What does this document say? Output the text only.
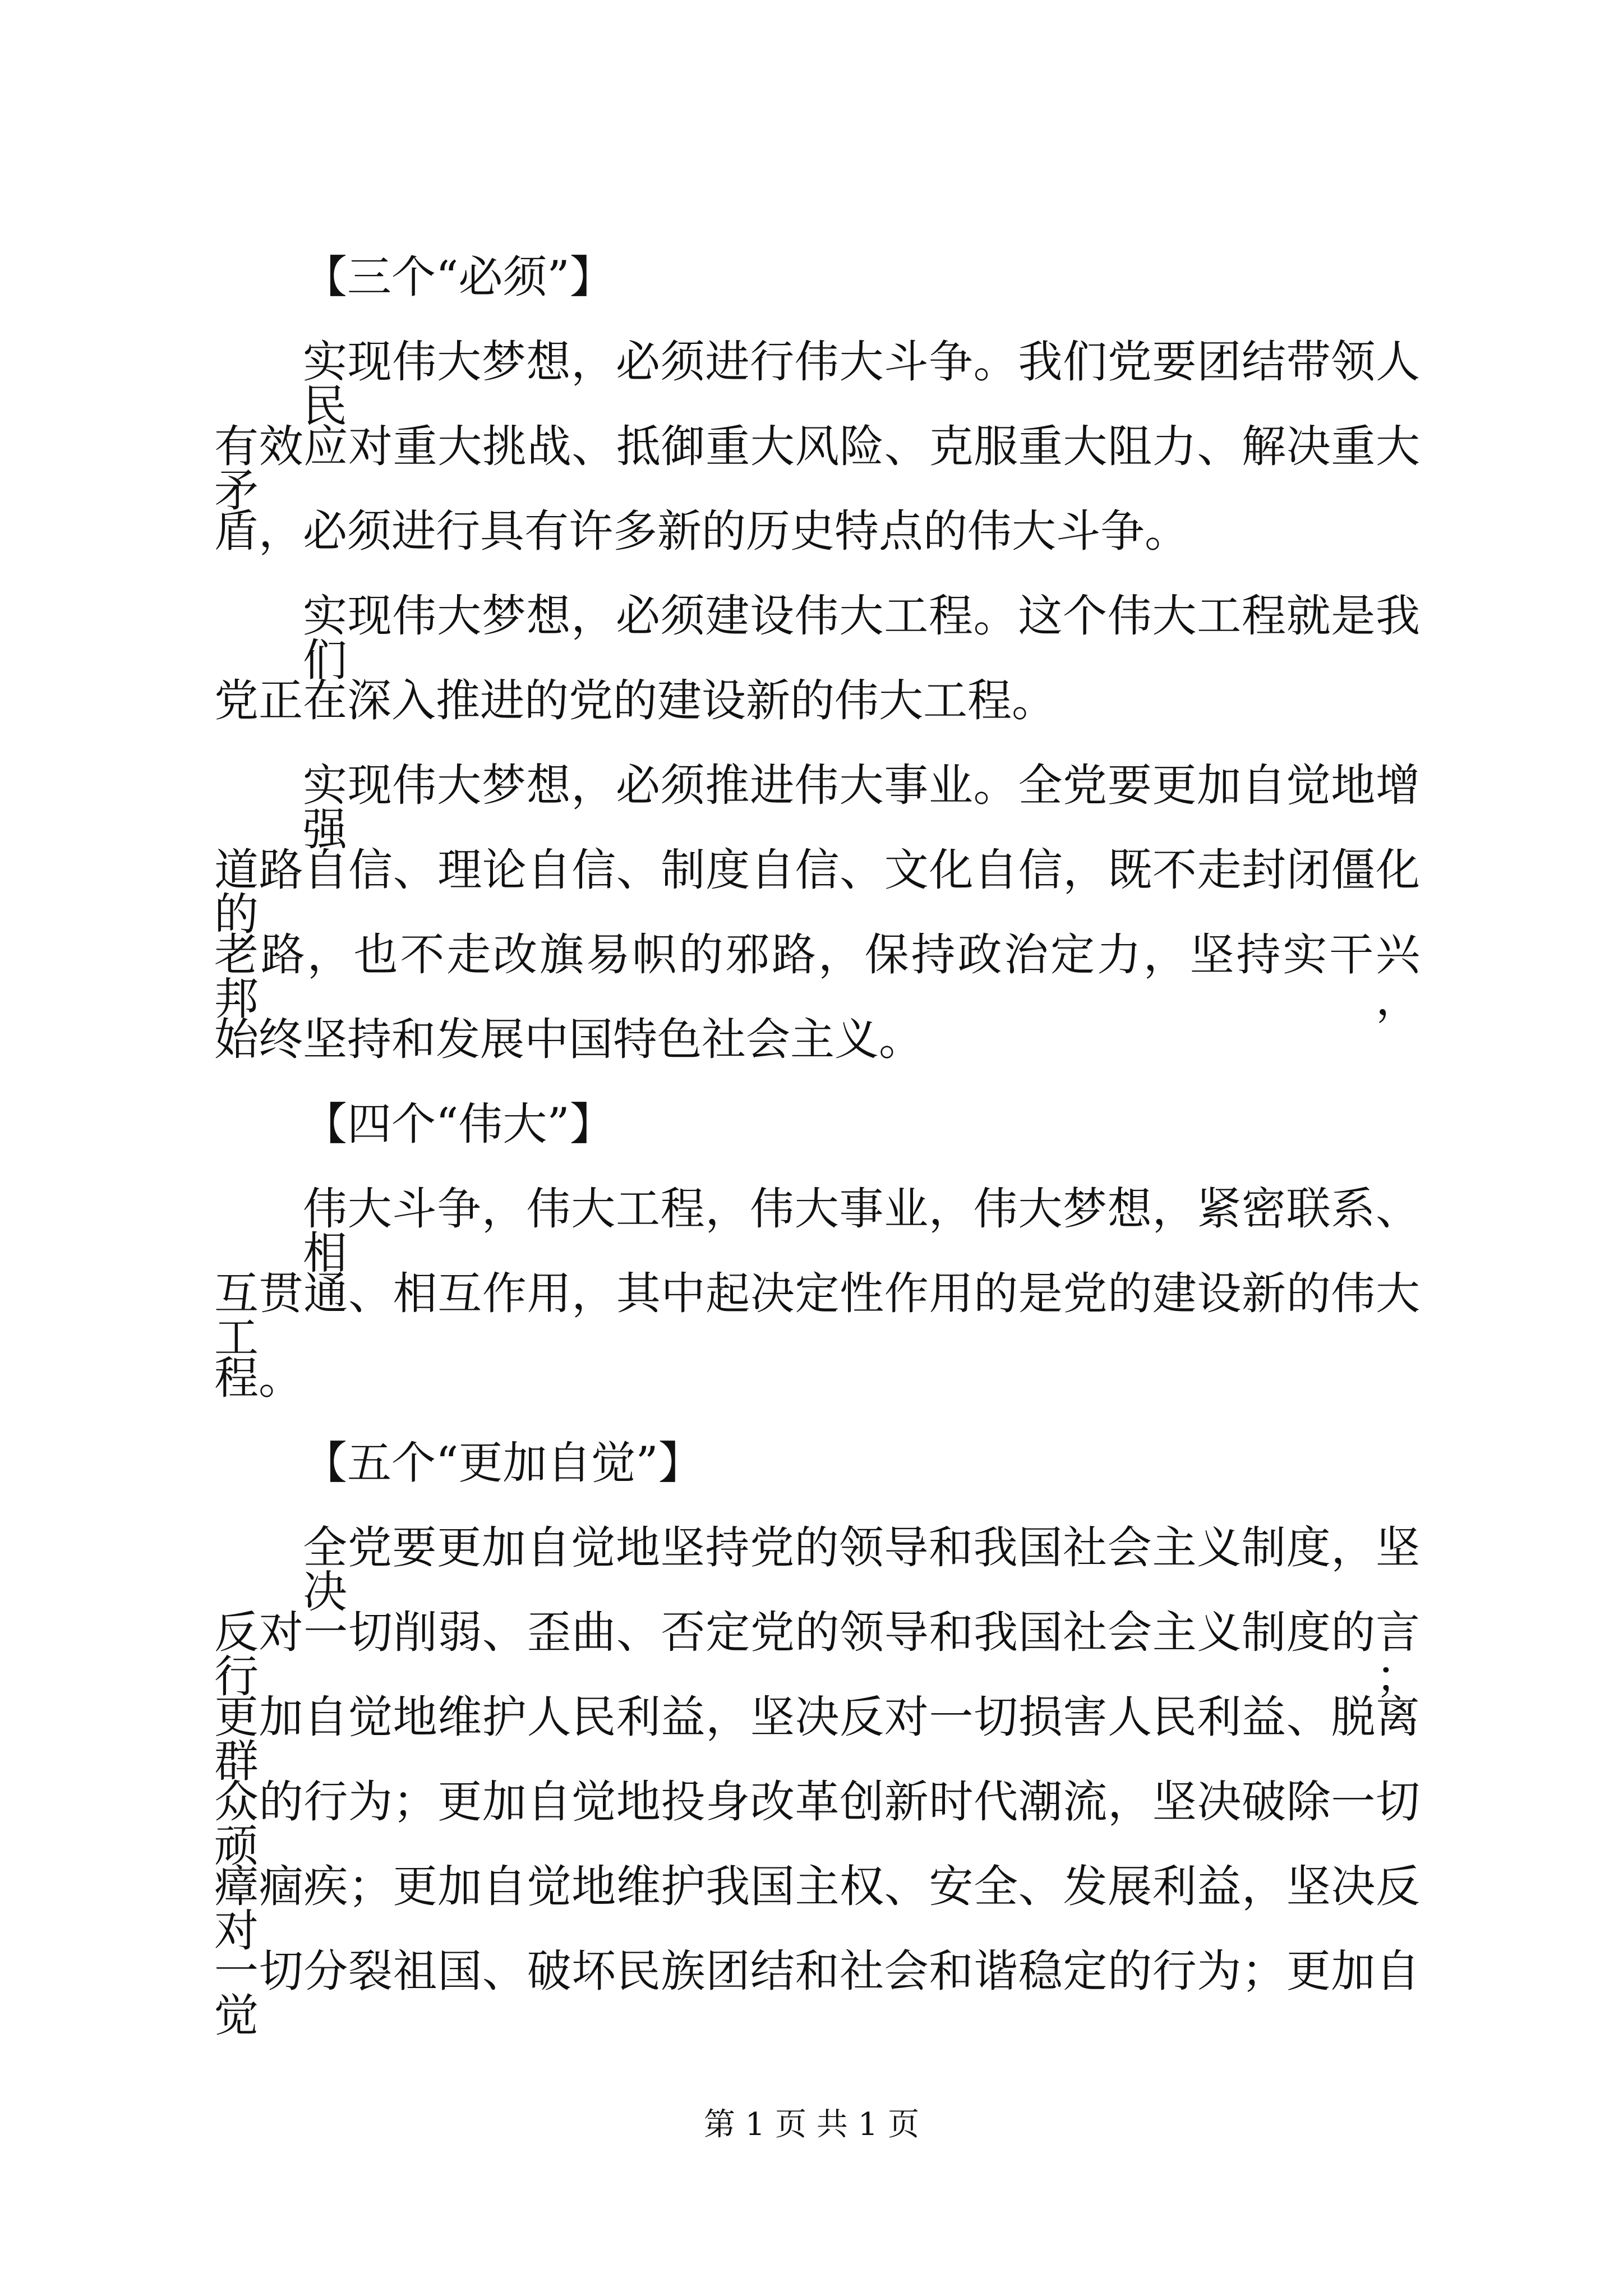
【三个“必须”】
实现伟大梦想，必须进行伟大斗争。我们党要团结带领人民
有效应对重大挑战、抵御重大风险、克服重大阻力、解决重大矛
盾，必须进行具有许多新的历史特点的伟大斗争。
实现伟大梦想，必须建设伟大工程。这个伟大工程就是我们
党正在深入推进的党的建设新的伟大工程。
实现伟大梦想，必须推进伟大事业。全党要更加自觉地增强
道路自信、理论自信、制度自信、文化自信，既不走封闭僵化的
老路，也不走改旗易帜的邪路，保持政治定力，坚持实干兴邦，
始终坚持和发展中国特色社会主义。
【四个“伟大”】
伟大斗争，伟大工程，伟大事业，伟大梦想，紧密联系、相
互贯通、相互作用，其中起决定性作用的是党的建设新的伟大工
程。
【五个“更加自觉”】
全党要更加自觉地坚持党的领导和我国社会主义制度，坚决
反对一切削弱、歪曲、否定党的领导和我国社会主义制度的言行；
更加自觉地维护人民利益，坚决反对一切损害人民利益、脱离群
众的行为；更加自觉地投身改革创新时代潮流，坚决破除一切顽
瘴痼疾；更加自觉地维护我国主权、安全、发展利益，坚决反对
一切分裂祖国、破坏民族团结和社会和谐稳定的行为；更加自觉
第 1 页 共 1 页
